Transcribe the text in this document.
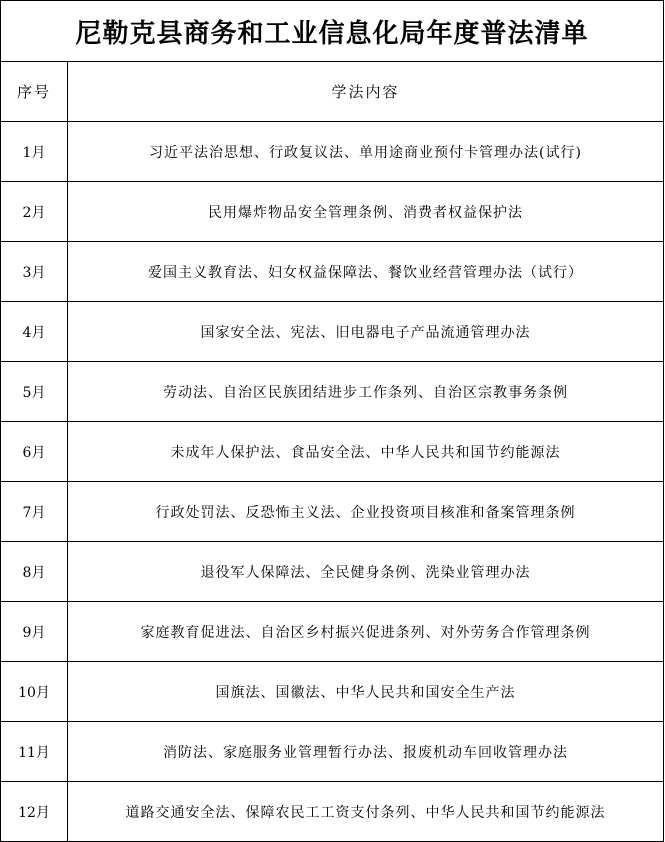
尼勒克县商务和工业信息化局年度普法清单	
序号	学法内容
1月	习近平法治思想、行政复议法、单用途商业预付卡管理办法(试行)
2月	民用爆炸物品安全管理条例、消费者权益保护法
3月	爱国主义教育法、妇女权益保障法、餐饮业经营管理办法（试行）
4月	国家安全法、宪法、旧电器电子产品流通管理办法
5月	劳动法、自治区民族团结进步工作条列、自治区宗教事务条例
6月	未成年人保护法、食品安全法、中华人民共和国节约能源法
7月	行政处罚法、反恐怖主义法、企业投资项目核准和备案管理条例
8月	退役军人保障法、全民健身条例、洗染业管理办法
9月	家庭教育促进法、自治区乡村振兴促进条列、对外劳务合作管理条例
10月	国旗法、国徽法、中华人民共和国安全生产法
11月	消防法、家庭服务业管理暂行办法、报废机动车回收管理办法
12月	道路交通安全法、保障农民工工资支付条列、中华人民共和国节约能源法
